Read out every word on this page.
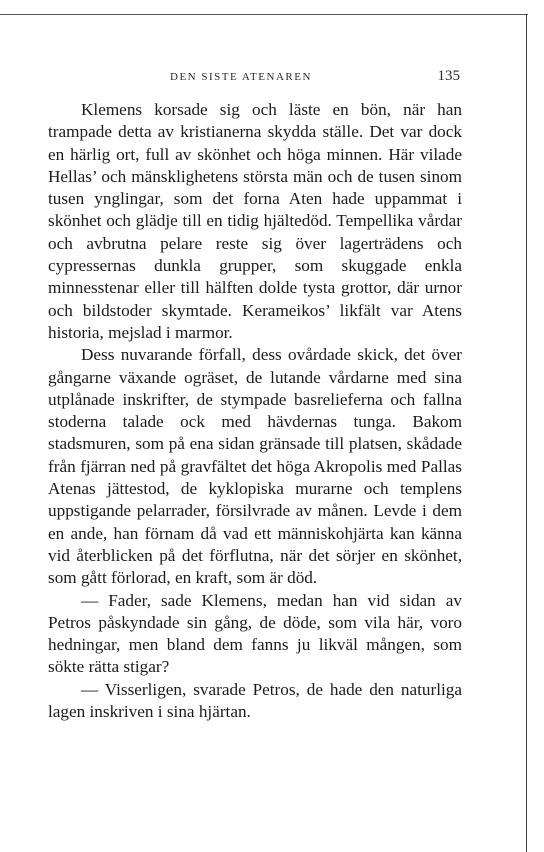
DEN SISTE ATENAREN	135

Klemens korsade sig och läste en bön, när han trampade detta av kristianerna skydda ställe. Det var dock en härlig ort, full av skönhet och höga minnen. Här vilade Hellas’ och mänsklighetens största män och de tusen sinom tusen ynglingar, som det forna Aten hade uppammat i skönhet och glädje till en tidig hjältedöd. Tempellika vårdar och avbrutna pelare reste sig över lagerträdens och cypressernas dunkla grupper, som skuggade enkla minnesstenar eller till hälften dolde tysta grottor, där urnor och bildstoder skymtade. Kerameikos’ likfält var Atens historia, mejslad i marmor.

Dess nuvarande förfall, dess ovårdade skick, det över gångarne växande ogräset, de lutande vårdarne med sina utplånade inskrifter, de stympade basrelieferna och fallna stoderna talade ock med hävdernas tunga. Bakom stadsmuren, som på ena sidan gränsade till platsen, skådade från fjärran ned på gravfältet det höga Akropolis med Pallas Atenas jättestod, de kyklopiska murarne och templens uppstigande pelarrader, försilvrade av månen. Levde i dem en ande, han förnam då vad ett människohjärta kan känna vid återblicken på det förflutna, när det sörjer en skönhet, som gått förlorad, en kraft, som är död.

— Fader, sade Klemens, medan han vid sidan av Petros påskyndade sin gång, de döde, som vila här, voro hedningar, men bland dem fanns ju likväl mången, som sökte rätta stigar?

— Visserligen, svarade Petros, de hade den naturliga lagen inskriven i sina hjärtan.
